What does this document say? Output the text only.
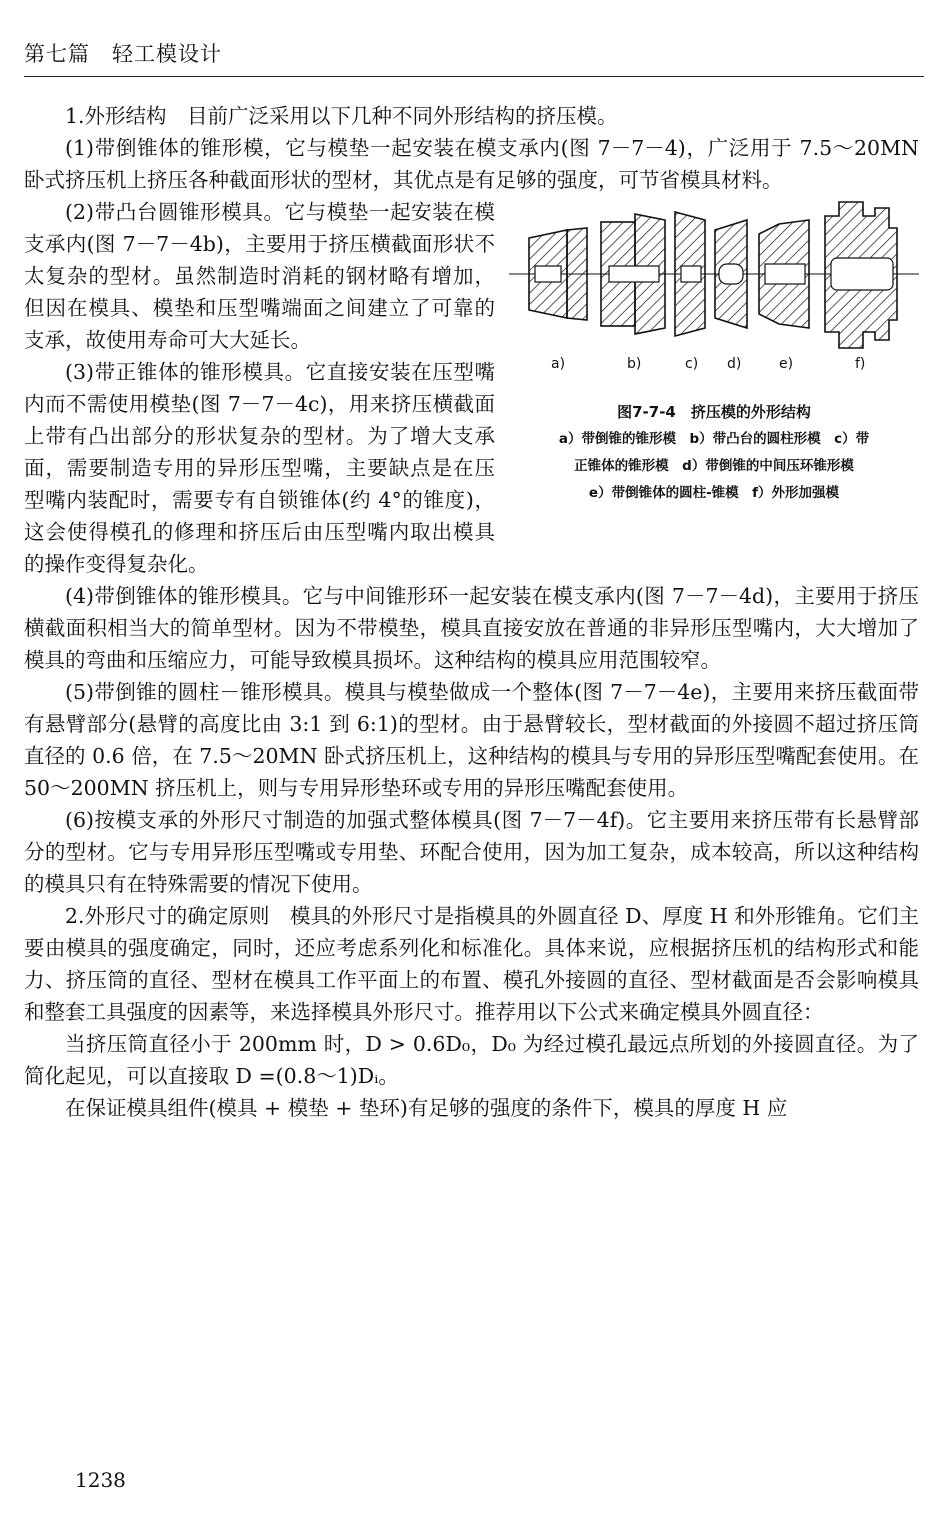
第七篇　轻工模设计

1.外形结构　目前广泛采用以下几种不同外形结构的挤压模。

(1)带倒锥体的锥形模，它与模垫一起安装在模支承内(图 7－7－4)，广泛用于 7.5～20MN 卧式挤压机上挤压各种截面形状的型材，其优点是有足够的强度，可节省模具材料。

a)	b)	c) d)	e)	f)
图7-7-4　挤压模的外形结构
a）带倒锥的锥形模　b）带凸台的圆柱形模　c）带
正锥体的锥形模　d）带倒锥的中间压环锥形模
e）带倒锥体的圆柱-锥模　f）外形加强模

(2)带凸台圆锥形模具。它与模垫一起安装在模支承内(图 7－7－4b)，主要用于挤压横截面形状不太复杂的型材。虽然制造时消耗的钢材略有增加，但因在模具、模垫和压型嘴端面之间建立了可靠的支承，故使用寿命可大大延长。

(3)带正锥体的锥形模具。它直接安装在压型嘴内而不需使用模垫(图 7－7－4c)，用来挤压横截面上带有凸出部分的形状复杂的型材。为了增大支承面，需要制造专用的异形压型嘴，主要缺点是在压型嘴内装配时，需要专有自锁锥体(约 4°的锥度)，这会使得模孔的修理和挤压后由压型嘴内取出模具的操作变得复杂化。

(4)带倒锥体的锥形模具。它与中间锥形环一起安装在模支承内(图 7－7－4d)，主要用于挤压横截面积相当大的简单型材。因为不带模垫，模具直接安放在普通的非异形压型嘴内，大大增加了模具的弯曲和压缩应力，可能导致模具损坏。这种结构的模具应用范围较窄。

(5)带倒锥的圆柱－锥形模具。模具与模垫做成一个整体(图 7－7－4e)，主要用来挤压截面带有悬臂部分(悬臂的高度比由 3:1 到 6:1)的型材。由于悬臂较长，型材截面的外接圆不超过挤压筒直径的 0.6 倍，在 7.5～20MN 卧式挤压机上，这种结构的模具与专用的异形压型嘴配套使用。在 50～200MN 挤压机上，则与专用异形垫环或专用的异形压嘴配套使用。

(6)按模支承的外形尺寸制造的加强式整体模具(图 7－7－4f)。它主要用来挤压带有长悬臂部分的型材。它与专用异形压型嘴或专用垫、环配合使用，因为加工复杂，成本较高，所以这种结构的模具只有在特殊需要的情况下使用。

2.外形尺寸的确定原则　模具的外形尺寸是指模具的外圆直径 D、厚度 H 和外形锥角。它们主要由模具的强度确定，同时，还应考虑系列化和标准化。具体来说，应根据挤压机的结构形式和能力、挤压筒的直径、型材在模具工作平面上的布置、模孔外接圆的直径、型材截面是否会影响模具和整套工具强度的因素等，来选择模具外形尺寸。推荐用以下公式来确定模具外圆直径：

当挤压筒直径小于 200mm 时，D > 0.6D₀，D₀ 为经过模孔最远点所划的外接圆直径。为了简化起见，可以直接取 D =(0.8～1)Dᵢ。

在保证模具组件(模具 + 模垫 + 垫环)有足够的强度的条件下，模具的厚度 H 应

1238
